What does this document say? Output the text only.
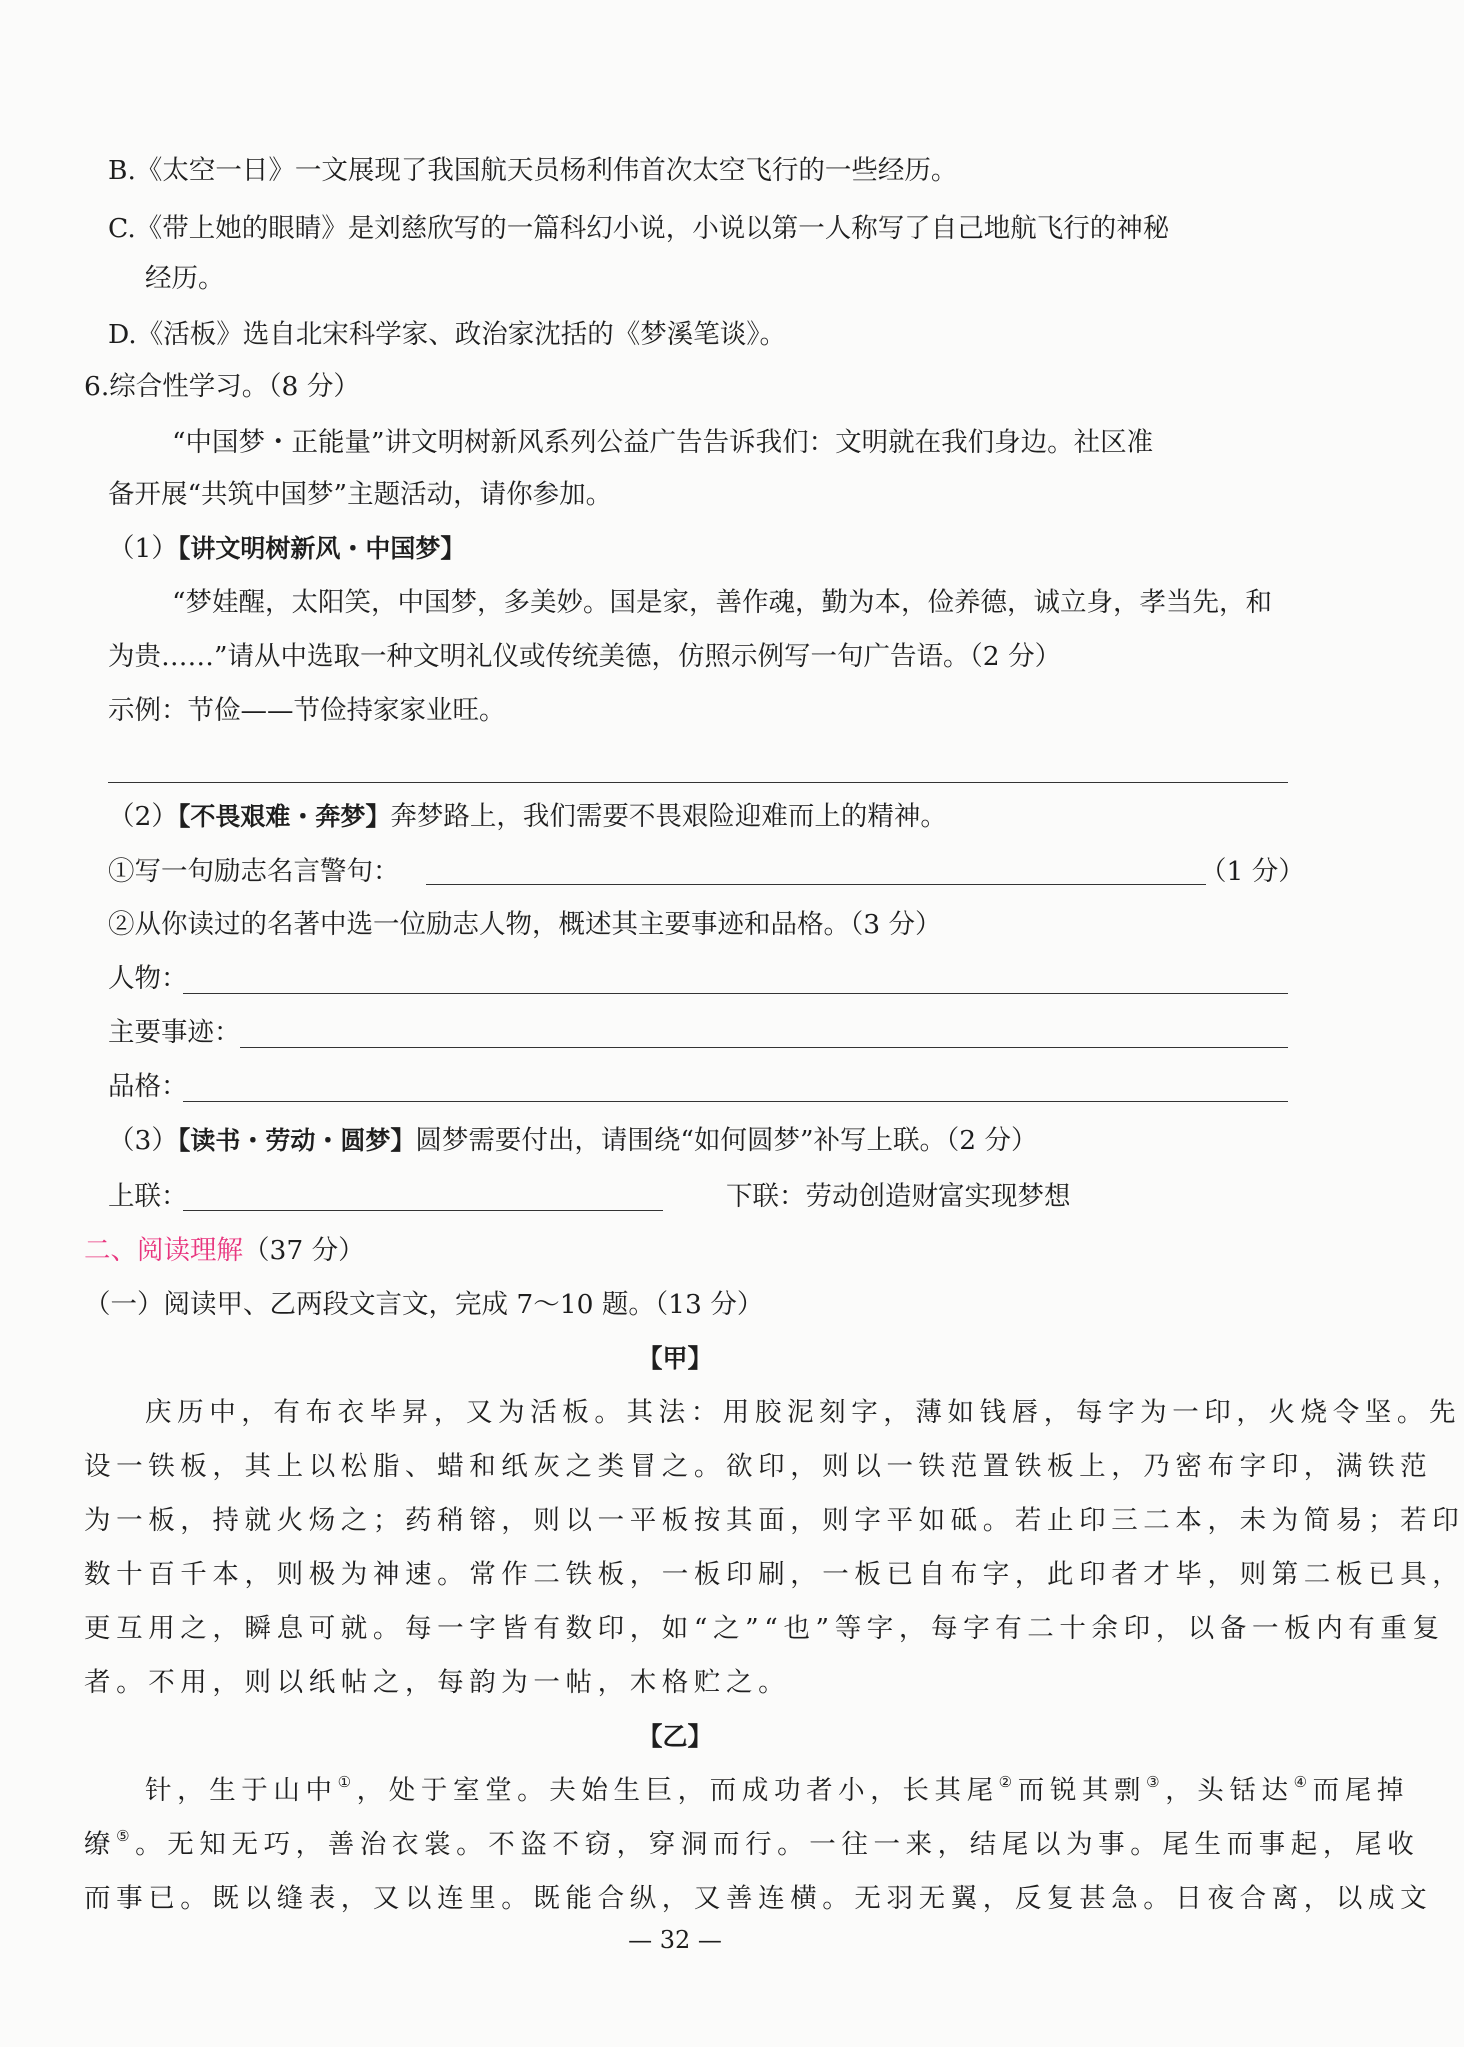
B.《太空一日》一文展现了我国航天员杨利伟首次太空飞行的一些经历。
C.《带上她的眼睛》是刘慈欣写的一篇科幻小说，小说以第一人称写了自己地航飞行的神秘
经历。
D.《活板》选自北宋科学家、政治家沈括的《梦溪笔谈》。
6.综合性学习。（8 分）
“中国梦・正能量”讲文明树新风系列公益广告告诉我们：文明就在我们身边。社区准
备开展“共筑中国梦”主题活动，请你参加。
（1）【讲文明树新风・中国梦】
“梦娃醒，太阳笑，中国梦，多美妙。国是家，善作魂，勤为本，俭养德，诚立身，孝当先，和
为贵……”请从中选取一种文明礼仪或传统美德，仿照示例写一句广告语。（2 分）
示例：节俭——节俭持家家业旺。
（2）【不畏艰难・奔梦】奔梦路上，我们需要不畏艰险迎难而上的精神。
①写一句励志名言警句：	（1 分）
②从你读过的名著中选一位励志人物，概述其主要事迹和品格。（3 分）
人物：
主要事迹：
品格：
（3）【读书・劳动・圆梦】圆梦需要付出，请围绕“如何圆梦”补写上联。（2 分）
上联：	下联：劳动创造财富实现梦想
二、阅读理解（37 分）
（一）阅读甲、乙两段文言文，完成 7～10 题。（13 分）
【甲】
庆历中，有布衣毕昇，又为活板。其法：用胶泥刻字，薄如钱唇，每字为一印，火烧令坚。先
设一铁板，其上以松脂、蜡和纸灰之类冒之。欲印，则以一铁范置铁板上，乃密布字印，满铁范
为一板，持就火炀之；药稍镕，则以一平板按其面，则字平如砥。若止印三二本，未为简易；若印
数十百千本，则极为神速。常作二铁板，一板印刷，一板已自布字，此印者才毕，则第二板已具，
更互用之，瞬息可就。每一字皆有数印，如“之”“也”等字，每字有二十余印，以备一板内有重复
者。不用，则以纸帖之，每韵为一帖，木格贮之。
【乙】
针，生于山中①，处于室堂。夫始生巨，而成功者小，长其尾②而锐其剽③，头铦达④而尾掉
缭⑤。无知无巧，善治衣裳。不盗不窃，穿洞而行。一往一来，结尾以为事。尾生而事起，尾收
而事已。既以缝表，又以连里。既能合纵，又善连横。无羽无翼，反复甚急。日夜合离，以成文
— 32 —
